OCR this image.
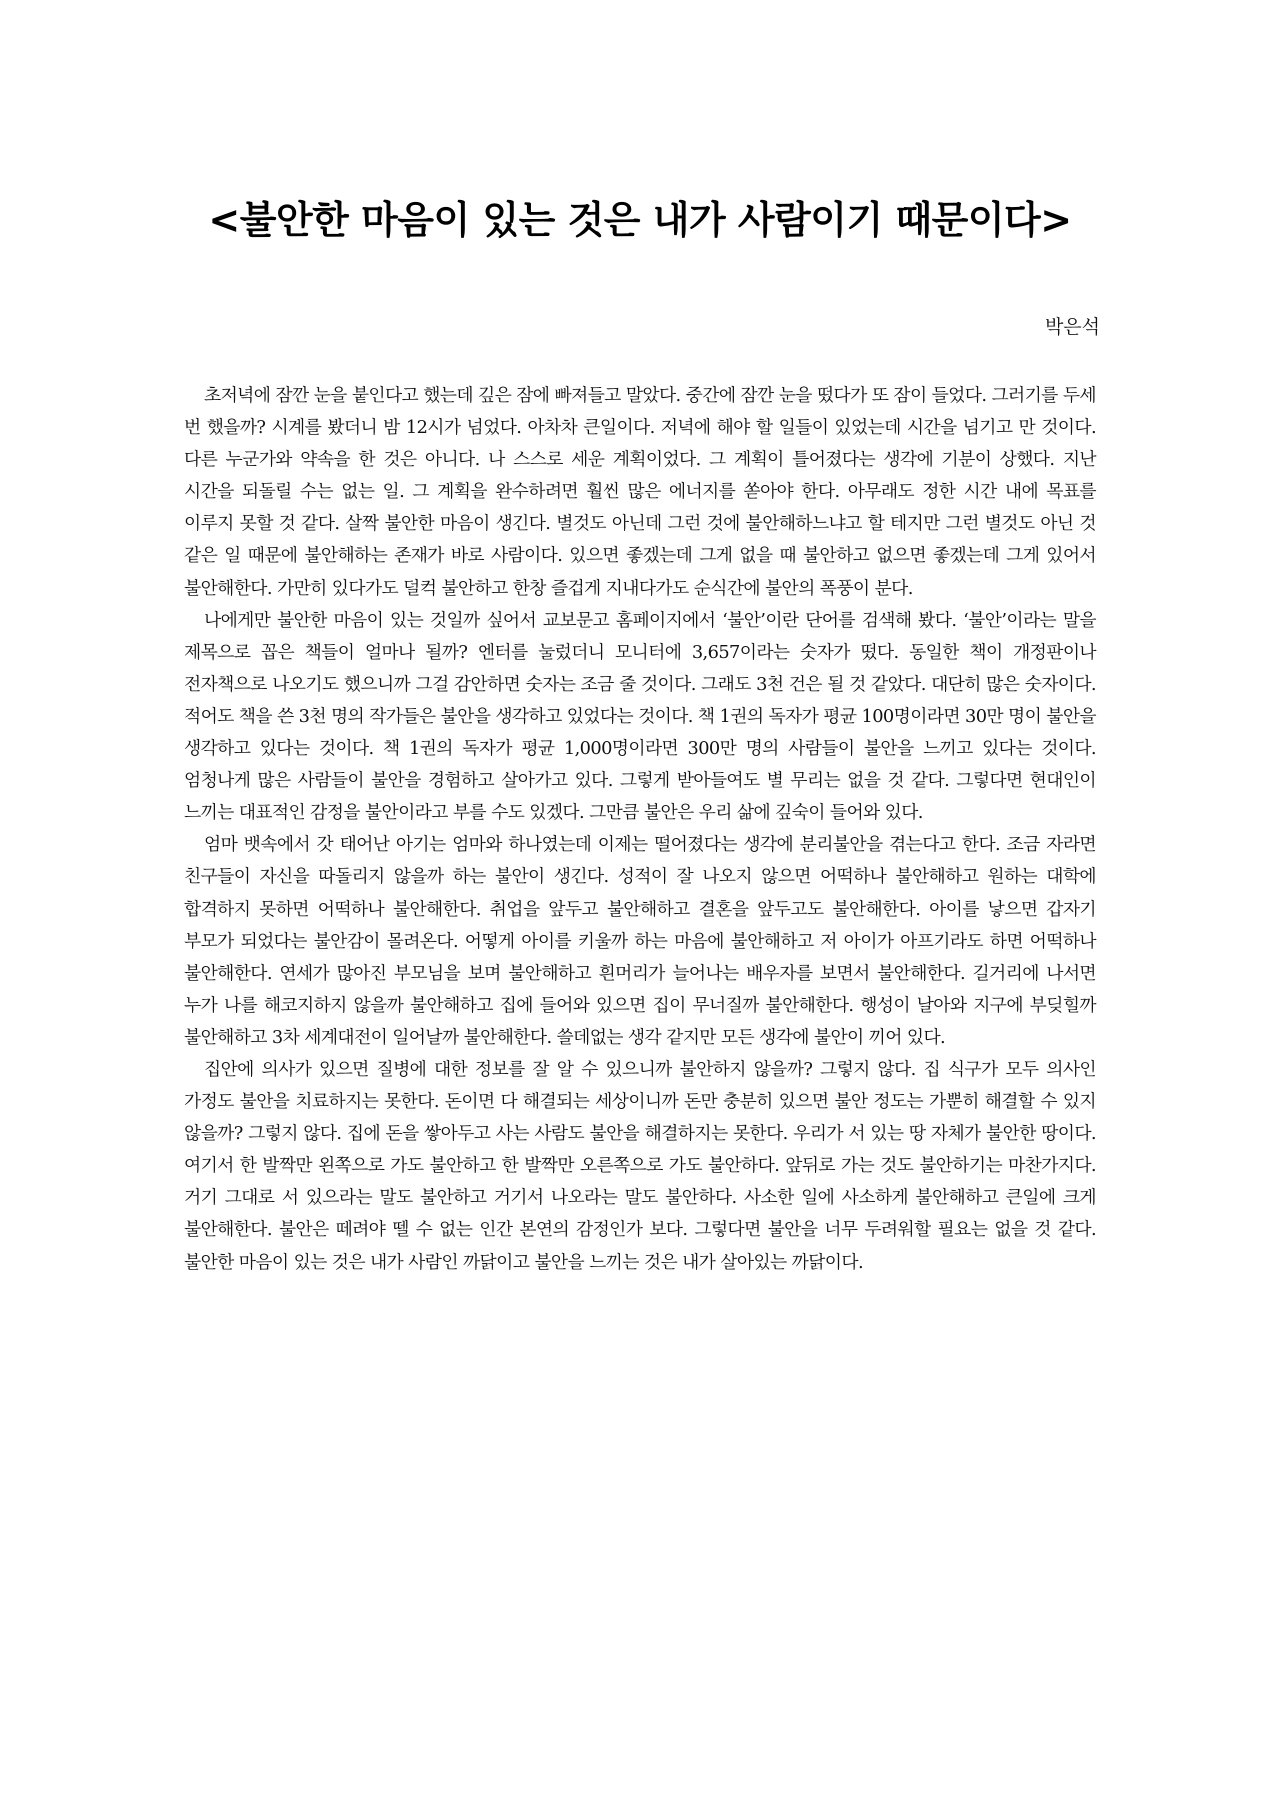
<불안한 마음이 있는 것은 내가 사람이기 때문이다>
박은석

초저녁에 잠깐 눈을 붙인다고 했는데 깊은 잠에 빠져들고 말았다. 중간에 잠깐 눈을 떴다가 또 잠이 들었다. 그러기를 두세 번 했을까? 시계를 봤더니 밤 12시가 넘었다. 아차차 큰일이다. 저녁에 해야 할 일들이 있었는데 시간을 넘기고 만 것이다. 다른 누군가와 약속을 한 것은 아니다. 나 스스로 세운 계획이었다. 그 계획이 틀어졌다는 생각에 기분이 상했다. 지난 시간을 되돌릴 수는 없는 일. 그 계획을 완수하려면 훨씬 많은 에너지를 쏟아야 한다. 아무래도 정한 시간 내에 목표를 이루지 못할 것 같다. 살짝 불안한 마음이 생긴다. 별것도 아닌데 그런 것에 불안해하느냐고 할 테지만 그런 별것도 아닌 것 같은 일 때문에 불안해하는 존재가 바로 사람이다. 있으면 좋겠는데 그게 없을 때 불안하고 없으면 좋겠는데 그게 있어서 불안해한다. 가만히 있다가도 덜컥 불안하고 한창 즐겁게 지내다가도 순식간에 불안의 폭풍이 분다.

나에게만 불안한 마음이 있는 것일까 싶어서 교보문고 홈페이지에서 ‘불안’이란 단어를 검색해 봤다. ‘불안’이라는 말을 제목으로 꼽은 책들이 얼마나 될까? 엔터를 눌렀더니 모니터에 3,657이라는 숫자가 떴다. 동일한 책이 개정판이나 전자책으로 나오기도 했으니까 그걸 감안하면 숫자는 조금 줄 것이다. 그래도 3천 건은 될 것 같았다. 대단히 많은 숫자이다. 적어도 책을 쓴 3천 명의 작가들은 불안을 생각하고 있었다는 것이다. 책 1권의 독자가 평균 100명이라면 30만 명이 불안을 생각하고 있다는 것이다. 책 1권의 독자가 평균 1,000명이라면 300만 명의 사람들이 불안을 느끼고 있다는 것이다. 엄청나게 많은 사람들이 불안을 경험하고 살아가고 있다. 그렇게 받아들여도 별 무리는 없을 것 같다. 그렇다면 현대인이 느끼는 대표적인 감정을 불안이라고 부를 수도 있겠다. 그만큼 불안은 우리 삶에 깊숙이 들어와 있다.

엄마 뱃속에서 갓 태어난 아기는 엄마와 하나였는데 이제는 떨어졌다는 생각에 분리불안을 겪는다고 한다. 조금 자라면 친구들이 자신을 따돌리지 않을까 하는 불안이 생긴다. 성적이 잘 나오지 않으면 어떡하나 불안해하고 원하는 대학에 합격하지 못하면 어떡하나 불안해한다. 취업을 앞두고 불안해하고 결혼을 앞두고도 불안해한다. 아이를 낳으면 갑자기 부모가 되었다는 불안감이 몰려온다. 어떻게 아이를 키울까 하는 마음에 불안해하고 저 아이가 아프기라도 하면 어떡하나 불안해한다. 연세가 많아진 부모님을 보며 불안해하고 흰머리가 늘어나는 배우자를 보면서 불안해한다. 길거리에 나서면 누가 나를 해코지하지 않을까 불안해하고 집에 들어와 있으면 집이 무너질까 불안해한다. 행성이 날아와 지구에 부딪힐까 불안해하고 3차 세계대전이 일어날까 불안해한다. 쓸데없는 생각 같지만 모든 생각에 불안이 끼어 있다.

집안에 의사가 있으면 질병에 대한 정보를 잘 알 수 있으니까 불안하지 않을까? 그렇지 않다. 집 식구가 모두 의사인 가정도 불안을 치료하지는 못한다. 돈이면 다 해결되는 세상이니까 돈만 충분히 있으면 불안 정도는 가뿐히 해결할 수 있지 않을까? 그렇지 않다. 집에 돈을 쌓아두고 사는 사람도 불안을 해결하지는 못한다. 우리가 서 있는 땅 자체가 불안한 땅이다. 여기서 한 발짝만 왼쪽으로 가도 불안하고 한 발짝만 오른쪽으로 가도 불안하다. 앞뒤로 가는 것도 불안하기는 마찬가지다. 거기 그대로 서 있으라는 말도 불안하고 거기서 나오라는 말도 불안하다. 사소한 일에 사소하게 불안해하고 큰일에 크게 불안해한다. 불안은 떼려야 뗄 수 없는 인간 본연의 감정인가 보다. 그렇다면 불안을 너무 두려워할 필요는 없을 것 같다. 불안한 마음이 있는 것은 내가 사람인 까닭이고 불안을 느끼는 것은 내가 살아있는 까닭이다.
